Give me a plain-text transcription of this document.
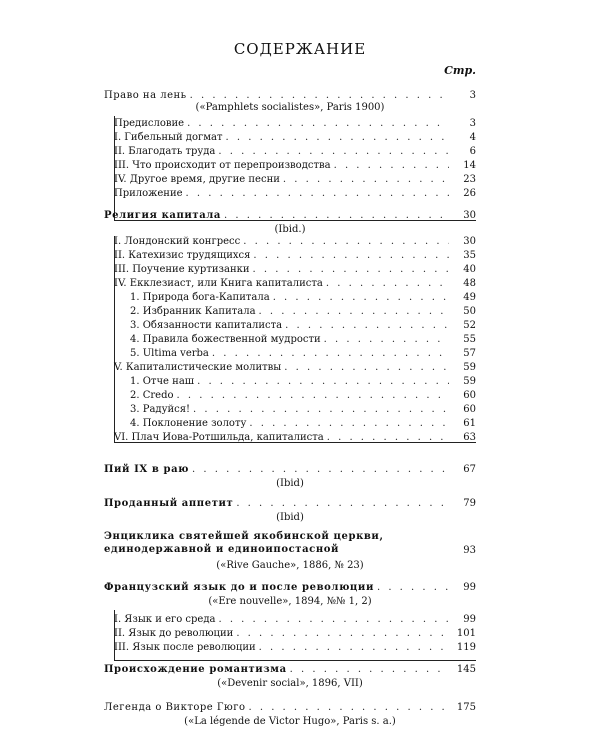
СОДЕРЖАНИЕ
Стр.
Право на лень . . .	3
(«Pamphlets socialistes», Paris 1900)
Предисловие . . .	3
I. Гибельный догмат . . .	4
II. Благодать труда . . .	6
III. Что происходит от перепроизводства . . .	14
IV. Другое время, другие песни . . .	23
Приложение . . .	26
Религия капитала . . .	30
(Ibid.)
I. Лондонский конгресс . . .	30
II. Катехизис трудящихся . . .	35
III. Поучение куртизанки . . .	40
IV. Екклезиаст, или Книга капиталиста . . .	48
1. Природа бога-Капитала . . .	49
2. Избранник Капитала . . .	50
3. Обязанности капиталиста . . .	52
4. Правила божественной мудрости . . .	55
5. Ultima verba . . .	57
V. Капиталистические молитвы . . .	59
1. Отче наш . . .	59
2. Credo . . .	60
3. Радуйся! . . .	60
4. Поклонение золоту . . .	61
VI. Плач Иова-Ротшильда, капиталиста . . .	63
Пий IX в раю . . .	67
(Ibid)
Проданный аппетит . . .	79
(Ibid)
Энциклика святейшей якобинской церкви, единодержавной и единоипостасной	93
(«Rive Gauche», 1886, № 23)
Французский язык до и после революции . . .	99
(«Ere nouvelle», 1894, №№ 1, 2)
I. Язык и его среда . . .	99
II. Язык до революции . . .	101
III. Язык после революции . . .	119
Происхождение романтизма . . .	145
(«Devenir social», 1896, VII)
Легенда о Викторе Гюго . . .	175
(«La légende de Victor Hugo», Paris s. a.)
